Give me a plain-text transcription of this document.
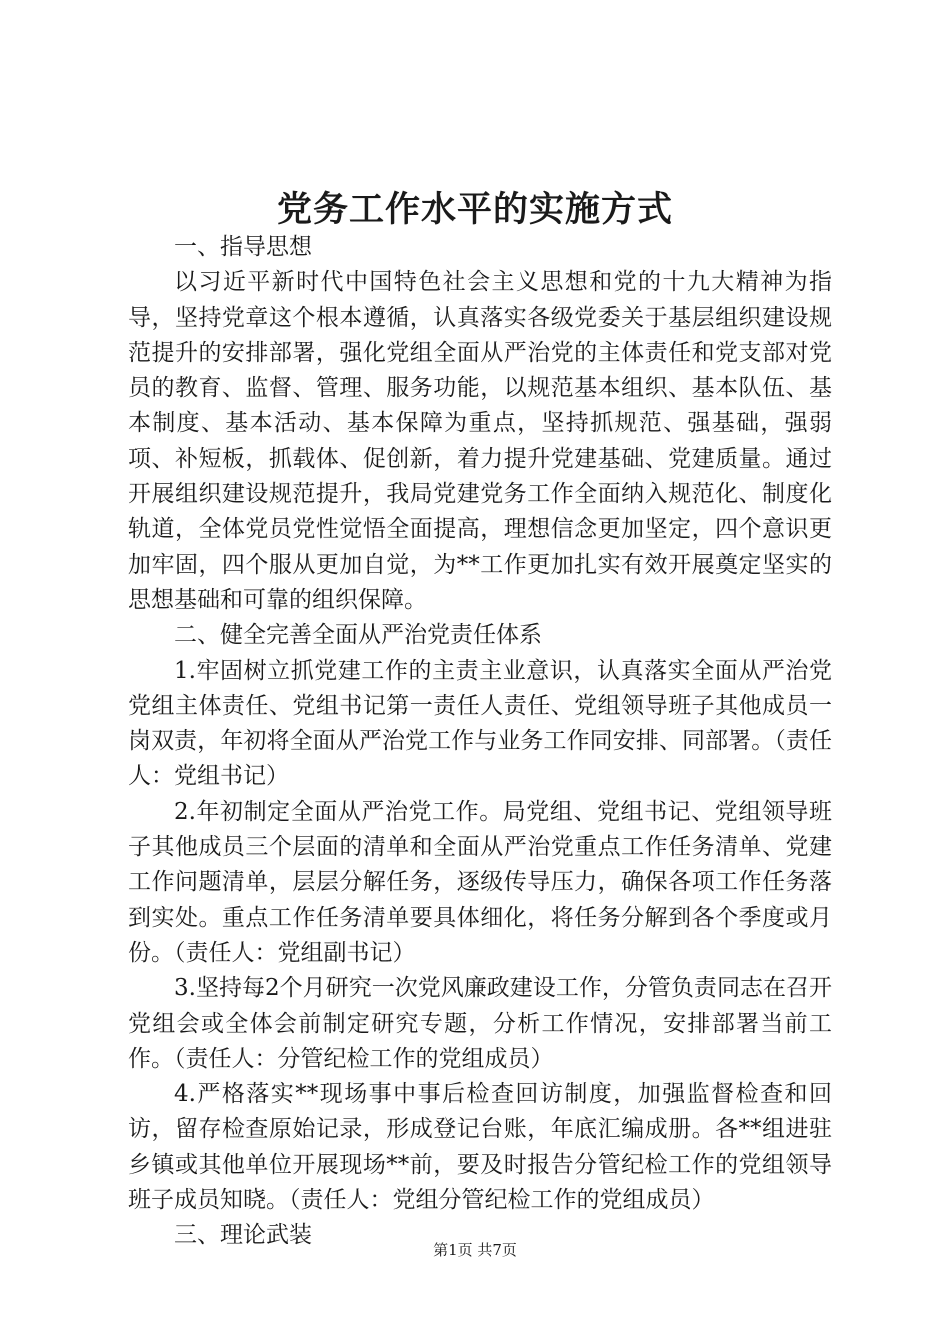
党务工作水平的实施方式

一、指导思想

以习近平新时代中国特色社会主义思想和党的十九大精神为指导，坚持党章这个根本遵循，认真落实各级党委关于基层组织建设规范提升的安排部署，强化党组全面从严治党的主体责任和党支部对党员的教育、监督、管理、服务功能，以规范基本组织、基本队伍、基本制度、基本活动、基本保障为重点，坚持抓规范、强基础，强弱项、补短板，抓载体、促创新，着力提升党建基础、党建质量。通过开展组织建设规范提升，我局党建党务工作全面纳入规范化、制度化轨道，全体党员党性觉悟全面提高，理想信念更加坚定，四个意识更加牢固，四个服从更加自觉，为**工作更加扎实有效开展奠定坚实的思想基础和可靠的组织保障。

二、健全完善全面从严治党责任体系

1.牢固树立抓党建工作的主责主业意识，认真落实全面从严治党党组主体责任、党组书记第一责任人责任、党组领导班子其他成员一岗双责，年初将全面从严治党工作与业务工作同安排、同部署。（责任人：党组书记）

2.年初制定全面从严治党工作。局党组、党组书记、党组领导班子其他成员三个层面的清单和全面从严治党重点工作任务清单、党建工作问题清单，层层分解任务，逐级传导压力，确保各项工作任务落到实处。重点工作任务清单要具体细化，将任务分解到各个季度或月份。（责任人：党组副书记）

3.坚持每2个月研究一次党风廉政建设工作，分管负责同志在召开党组会或全体会前制定研究专题，分析工作情况，安排部署当前工作。（责任人：分管纪检工作的党组成员）

4.严格落实**现场事中事后检查回访制度，加强监督检查和回访，留存检查原始记录，形成登记台账，年底汇编成册。各**组进驻乡镇或其他单位开展现场**前，要及时报告分管纪检工作的党组领导班子成员知晓。（责任人：党组分管纪检工作的党组成员）

三、理论武装

第1页 共7页
